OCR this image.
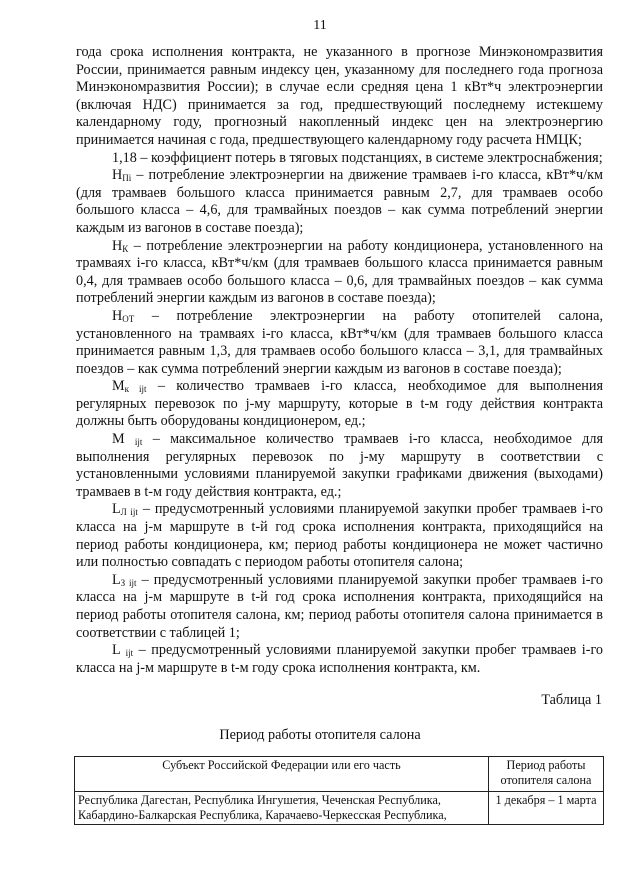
11

года срока исполнения контракта, не указанного в прогнозе Минэкономразвития России, принимается равным индексу цен, указанному для последнего года прогноза Минэкономразвития России); в случае если средняя цена 1 кВт*ч электроэнергии (включая НДС) принимается за год, предшествующий последнему истекшему календарному году, прогнозный накопленный индекс цен на электроэнергию принимается начиная с года, предшествующего календарному году расчета НМЦК;

1,18 – коэффициент потерь в тяговых подстанциях, в системе электроснабжения;

$Н_{Пi}$ – потребление электроэнергии на движение трамваев i-го класса, кВт*ч/км (для трамваев большого класса принимается равным 2,7, для трамваев особо большого класса – 4,6, для трамвайных поездов – как сумма потреблений энергии каждым из вагонов в составе поезда);

$Н_К$ – потребление электроэнергии на работу кондиционера, установленного на трамваях i-го класса, кВт*ч/км (для трамваев большого класса принимается равным 0,4, для трамваев особо большого класса – 0,6, для трамвайных поездов – как сумма потреблений энергии каждым из вагонов в составе поезда);

$Н_{ОТ}$ – потребление электроэнергии на работу отопителей салона, установленного на трамваях i-го класса, кВт*ч/км (для трамваев большого класса принимается равным 1,3, для трамваев особо большого класса – 3,1, для трамвайных поездов – как сумма потреблений энергии каждым из вагонов в составе поезда);

$М_{к ijt}$ – количество трамваев i-го класса, необходимое для выполнения регулярных перевозок по j-му маршруту, которые в t-м году действия контракта должны быть оборудованы кондиционером, ед.;

М $_{ijt}$ – максимальное количество трамваев i-го класса, необходимое для выполнения регулярных перевозок по j-му маршруту в соответствии с установленными условиями планируемой закупки графиками движения (выходами) трамваев в t-м году действия контракта, ед.;

$L_{Л ijt}$ – предусмотренный условиями планируемой закупки пробег трамваев i-го класса на j-м маршруте в t-й год срока исполнения контракта, приходящийся на период работы кондиционера, км; период работы кондиционера не может частично или полностью совпадать с периодом работы отопителя салона;

$L_{З ijt}$ – предусмотренный условиями планируемой закупки пробег трамваев i-го класса на j-м маршруте в t-й год срока исполнения контракта, приходящийся на период работы отопителя салона, км; период работы отопителя салона принимается в соответствии с таблицей 1;

L $_{ijt}$ – предусмотренный условиями планируемой закупки пробег трамваев i-го класса на j-м маршруте в t-м году срока исполнения контракта, км.

Таблица 1
Период работы отопителя салона
Субъект Российской Федерации или его часть	Период работы отопителя салона
Республика Дагестан, Республика Ингушетия, Чеченская Республика, Кабардино-Балкарская Республика, Карачаево-Черкесская Республика,	1 декабря – 1 марта
